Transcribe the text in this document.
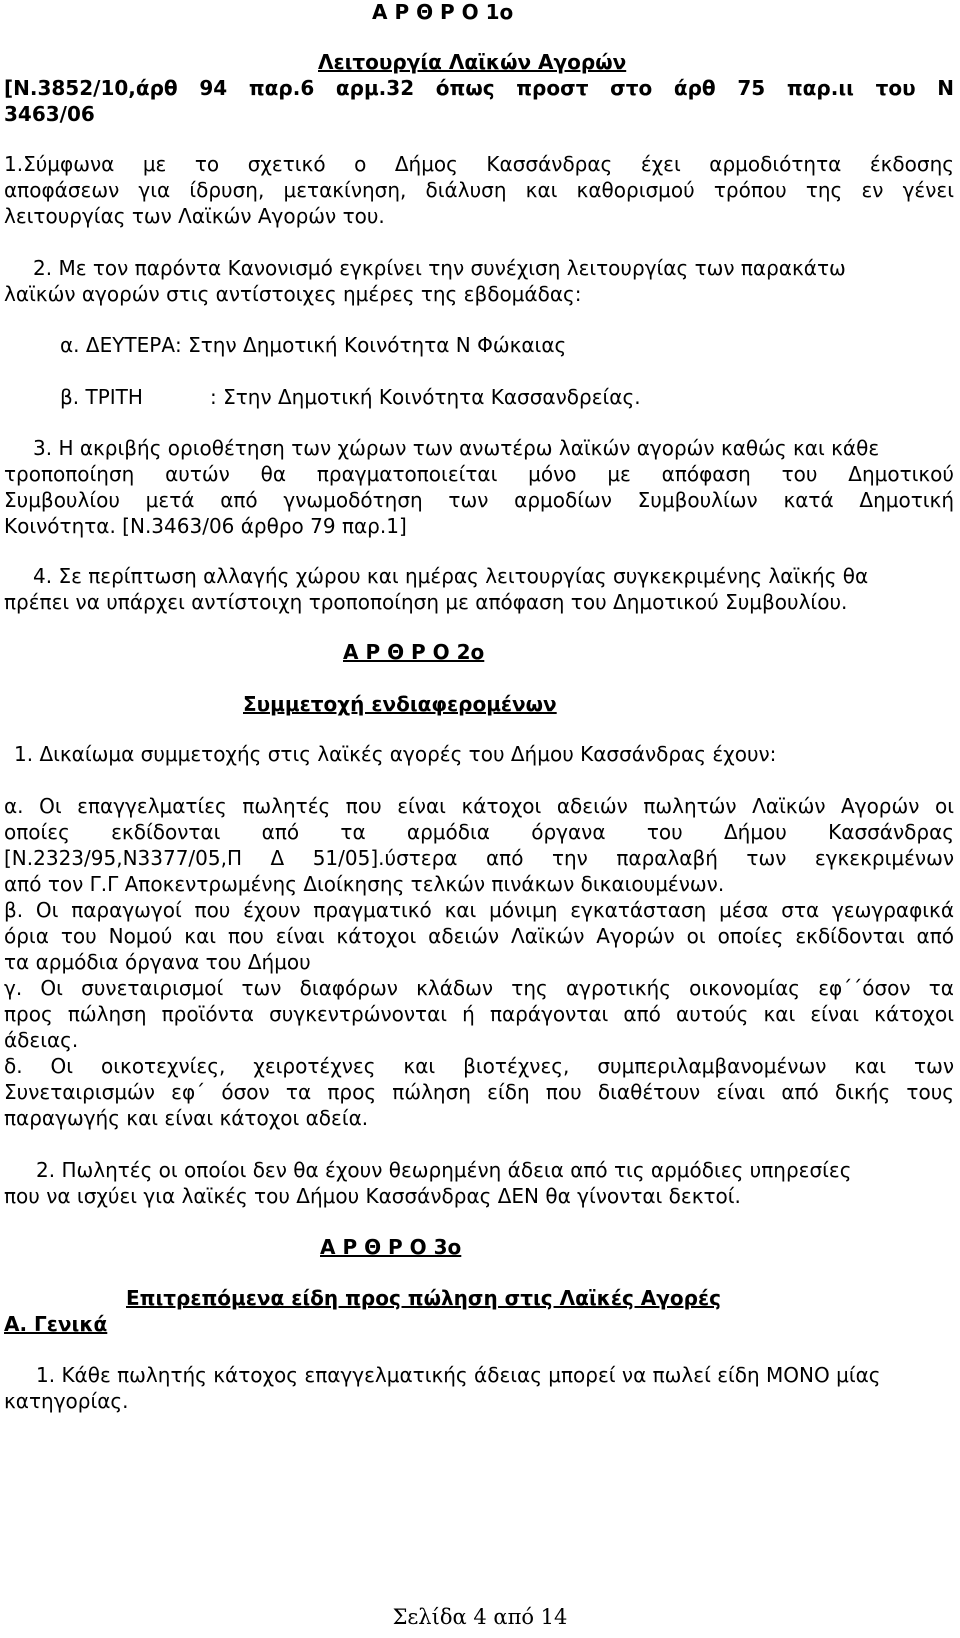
Α Ρ Θ Ρ Ο 1ο
Λειτουργία Λαϊκών Αγορών
[Ν.3852/10,άρθ 94 παρ.6 αρμ.32 όπως προστ στο άρθ 75 παρ.ιι του Ν
3463/06
1.Σύμφωνα με το σχετικό ο Δήμος Κασσάνδρας έχει αρμοδιότητα έκδοσης
αποφάσεων για ίδρυση, μετακίνηση, διάλυση και καθορισμού τρόπου της εν γένει
λειτουργίας των Λαϊκών Αγορών του.
2. Με τον παρόντα Κανονισμό εγκρίνει την συνέχιση λειτουργίας των παρακάτω
λαϊκών αγορών στις αντίστοιχες ημέρες της εβδομάδας:
α. ΔΕΥΤΕΡΑ: Στην Δημοτική Κοινότητα Ν Φώκαιας
β. ΤΡΙΤΗ	: Στην Δημοτική Κοινότητα Κασσανδρείας.
3. Η ακριβής οριοθέτηση των χώρων των ανωτέρω λαϊκών αγορών καθώς και κάθε
τροποποίηση αυτών θα πραγματοποιείται μόνο με απόφαση του Δημοτικού
Συμβουλίου μετά από γνωμοδότηση των αρμοδίων Συμβουλίων κατά Δημοτική
Κοινότητα. [Ν.3463/06 άρθρο 79 παρ.1]
4. Σε περίπτωση αλλαγής χώρου και ημέρας λειτουργίας συγκεκριμένης λαϊκής θα
πρέπει να υπάρχει αντίστοιχη τροποποίηση με απόφαση του Δημοτικού Συμβουλίου.
Α Ρ Θ Ρ Ο 2ο
Συμμετοχή ενδιαφερομένων
1. Δικαίωμα συμμετοχής στις λαϊκές αγορές του Δήμου Κασσάνδρας έχουν:
α. Οι επαγγελματίες πωλητές που είναι κάτοχοι αδειών πωλητών Λαϊκών Αγορών οι
οποίες εκδίδονται από τα αρμόδια όργανα του Δήμου Κασσάνδρας
[Ν.2323/95,Ν3377/05,Π Δ 51/05].ύστερα από την παραλαβή των εγκεκριμένων
από τον Γ.Γ Αποκεντρωμένης Διοίκησης τελκών πινάκων δικαιουμένων.
β. Οι παραγωγοί που έχουν πραγματικό και μόνιμη εγκατάσταση μέσα στα γεωγραφικά
όρια του Νομού και που είναι κάτοχοι αδειών Λαϊκών Αγορών οι οποίες εκδίδονται από
τα αρμόδια όργανα του Δήμου
γ. Οι συνεταιρισμοί των διαφόρων κλάδων της αγροτικής οικονομίας εφ΄΄όσον τα
προς πώληση προϊόντα συγκεντρώνονται ή παράγονται από αυτούς και είναι κάτοχοι
άδειας.
δ. Οι οικοτεχνίες, χειροτέχνες και βιοτέχνες, συμπεριλαμβανομένων και των
Συνεταιρισμών εφ΄ όσον τα προς πώληση είδη που διαθέτουν είναι από δικής τους
παραγωγής και είναι κάτοχοι αδεία.
2. Πωλητές οι οποίοι δεν θα έχουν θεωρημένη άδεια από τις αρμόδιες υπηρεσίες
που να ισχύει για λαϊκές του Δήμου Κασσάνδρας ΔΕΝ θα γίνονται δεκτοί.
Α Ρ Θ Ρ Ο 3ο
Επιτρεπόμενα είδη προς πώληση στις Λαϊκές Αγορές
Α. Γενικά
1. Κάθε πωλητής κάτοχος επαγγελματικής άδειας μπορεί να πωλεί είδη ΜΟΝΟ μίας
κατηγορίας.
Σελίδα 4 από 14
